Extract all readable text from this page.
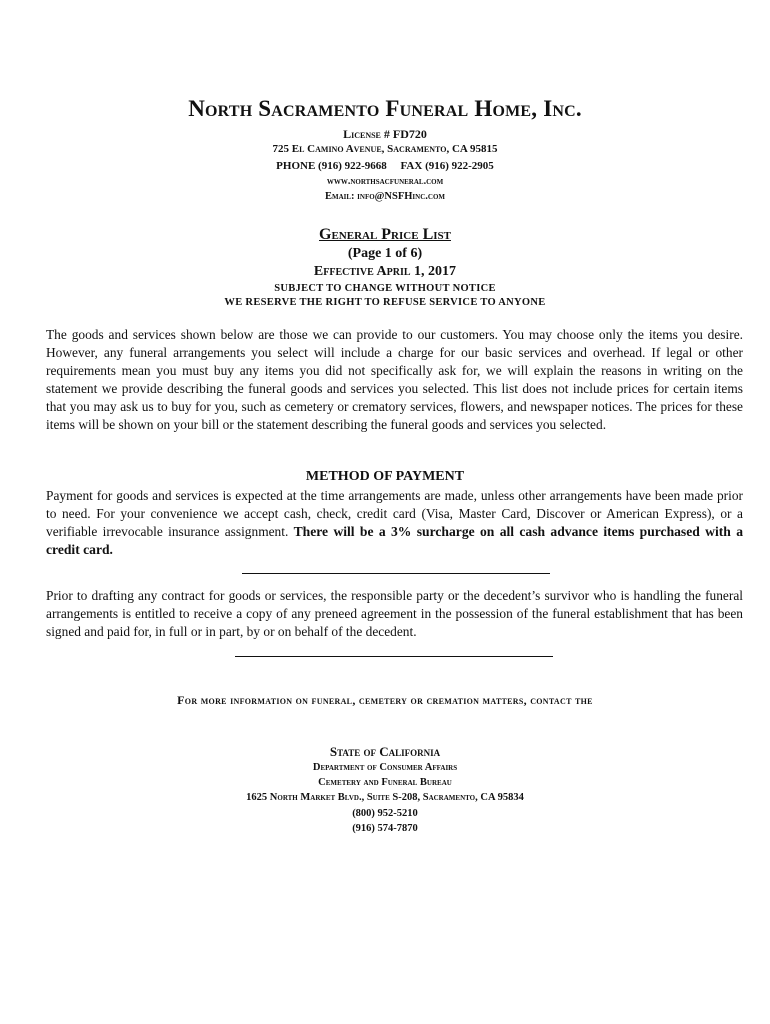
North Sacramento Funeral Home, Inc.
License # FD720
725 El Camino Avenue, Sacramento, CA 95815
PHONE (916) 922-9668     FAX (916) 922-2905
www.northsacfuneral.com
Email: info@NSFHinc.com
General Price List
(Page 1 of 6)
Effective April 1, 2017
SUBJECT TO CHANGE WITHOUT NOTICE
WE RESERVE THE RIGHT TO REFUSE SERVICE TO ANYONE
The goods and services shown below are those we can provide to our customers. You may choose only the items you desire. However, any funeral arrangements you select will include a charge for our basic services and overhead. If legal or other requirements mean you must buy any items you did not specifically ask for, we will explain the reasons in writing on the statement we provide describing the funeral goods and services you selected. This list does not include prices for certain items that you may ask us to buy for you, such as cemetery or crematory services, flowers, and newspaper notices. The prices for these items will be shown on your bill or the statement describing the funeral goods and services you selected.
METHOD OF PAYMENT
Payment for goods and services is expected at the time arrangements are made, unless other arrangements have been made prior to need. For your convenience we accept cash, check, credit card (Visa, Master Card, Discover or American Express), or a verifiable irrevocable insurance assignment. There will be a 3% surcharge on all cash advance items purchased with a credit card.
Prior to drafting any contract for goods or services, the responsible party or the decedent’s survivor who is handling the funeral arrangements is entitled to receive a copy of any preneed agreement in the possession of the funeral establishment that has been signed and paid for, in full or in part, by or on behalf of the decedent.
For more information on funeral, cemetery or cremation matters, contact the
State of California
Department of Consumer Affairs
Cemetery and Funeral Bureau
1625 North Market Blvd., Suite S-208, Sacramento, CA 95834
(800) 952-5210
(916) 574-7870
